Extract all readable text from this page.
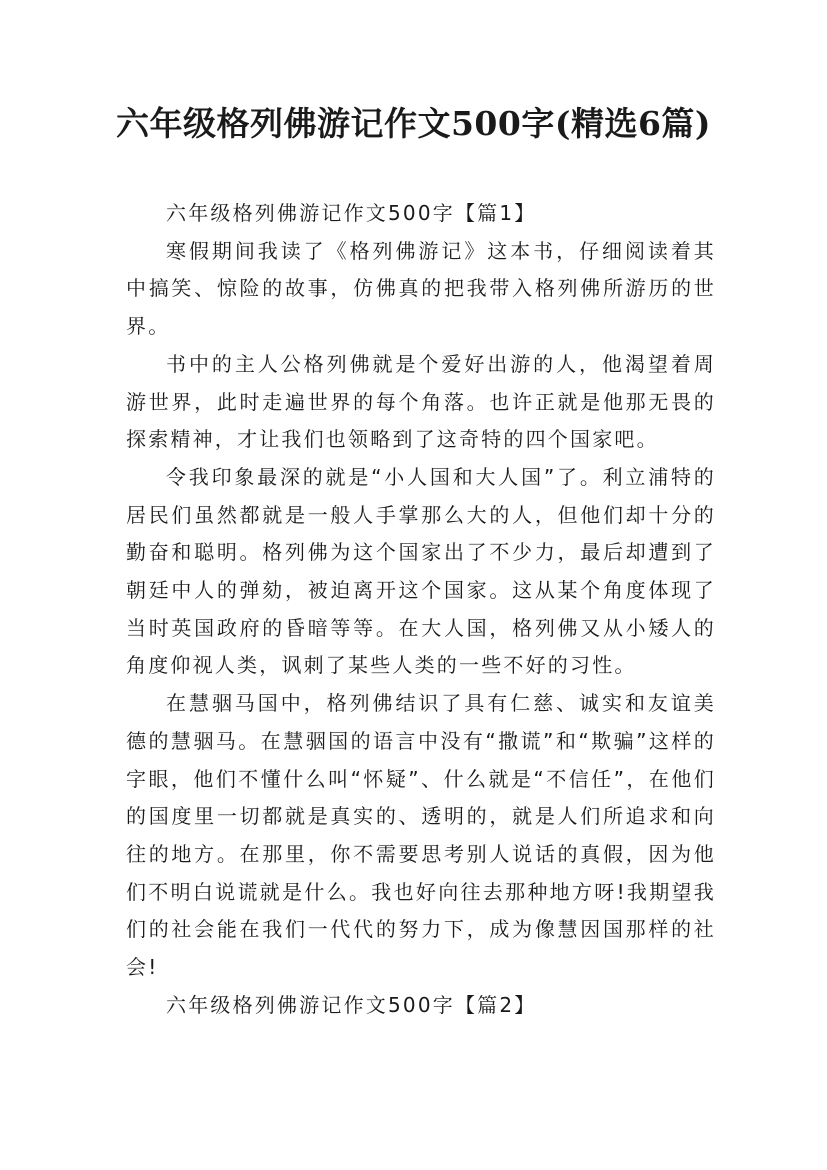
六年级格列佛游记作文500字(精选6篇)

六年级格列佛游记作文500字【篇1】

寒假期间我读了《格列佛游记》这本书，仔细阅读着其中搞笑、惊险的故事，仿佛真的把我带入格列佛所游历的世界。

书中的主人公格列佛就是个爱好出游的人，他渴望着周游世界，此时走遍世界的每个角落。也许正就是他那无畏的探索精神，才让我们也领略到了这奇特的四个国家吧。

令我印象最深的就是“小人国和大人国”了。利立浦特的居民们虽然都就是一般人手掌那么大的人，但他们却十分的勤奋和聪明。格列佛为这个国家出了不少力，最后却遭到了朝廷中人的弹劾，被迫离开这个国家。这从某个角度体现了当时英国政府的昏暗等等。在大人国，格列佛又从小矮人的角度仰视人类，讽刺了某些人类的一些不好的习性。

在慧骃马国中，格列佛结识了具有仁慈、诚实和友谊美德的慧骃马。在慧骃国的语言中没有“撒谎”和“欺骗”这样的字眼，他们不懂什么叫“怀疑”、什么就是“不信任”，在他们的国度里一切都就是真实的、透明的，就是人们所追求和向往的地方。在那里，你不需要思考别人说话的真假，因为他们不明白说谎就是什么。我也好向往去那种地方呀!我期望我们的社会能在我们一代代的努力下，成为像慧因国那样的社会!

六年级格列佛游记作文500字【篇2】
